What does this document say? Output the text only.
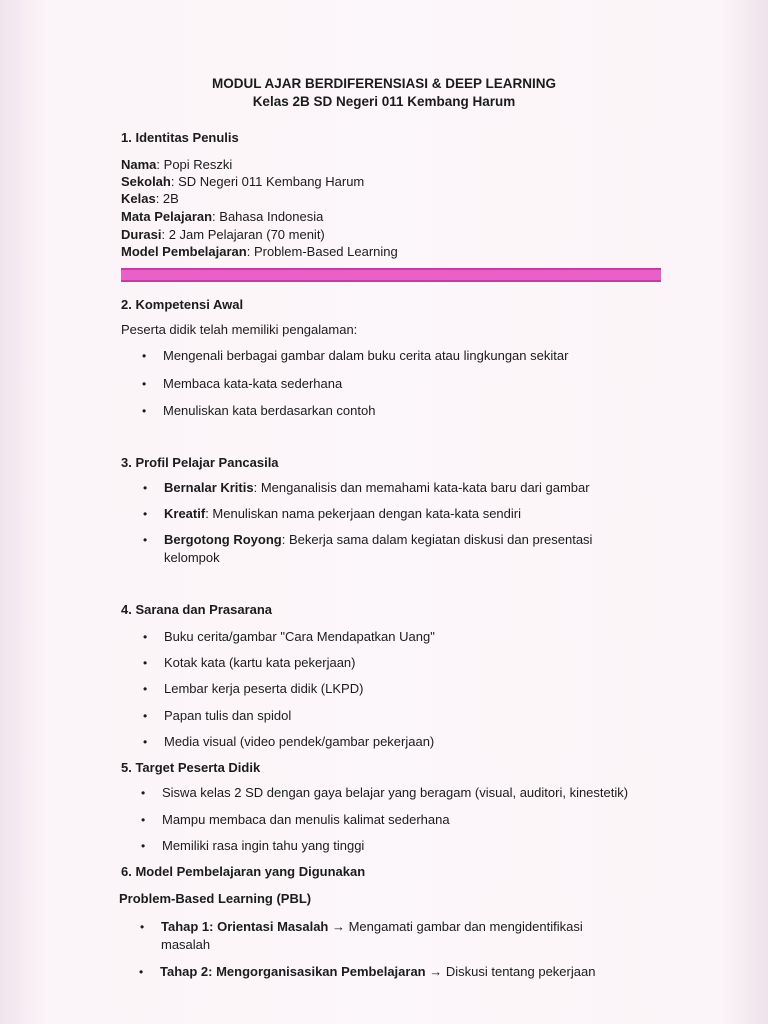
MODUL AJAR BERDIFERENSIASI & DEEP LEARNING
Kelas 2B SD Negeri 011 Kembang Harum
1. Identitas Penulis
Nama: Popi Reszki
Sekolah: SD Negeri 011 Kembang Harum
Kelas: 2B
Mata Pelajaran: Bahasa Indonesia
Durasi: 2 Jam Pelajaran (70 menit)
Model Pembelajaran: Problem-Based Learning
2. Kompetensi Awal
Peserta didik telah memiliki pengalaman:
• Mengenali berbagai gambar dalam buku cerita atau lingkungan sekitar
• Membaca kata-kata sederhana
• Menuliskan kata berdasarkan contoh
3. Profil Pelajar Pancasila
• Bernalar Kritis: Menganalisis dan memahami kata-kata baru dari gambar
• Kreatif: Menuliskan nama pekerjaan dengan kata-kata sendiri
• Bergotong Royong: Bekerja sama dalam kegiatan diskusi dan presentasi
kelompok
4. Sarana dan Prasarana
• Buku cerita/gambar "Cara Mendapatkan Uang"
• Kotak kata (kartu kata pekerjaan)
• Lembar kerja peserta didik (LKPD)
• Papan tulis dan spidol
• Media visual (video pendek/gambar pekerjaan)
5. Target Peserta Didik
• Siswa kelas 2 SD dengan gaya belajar yang beragam (visual, auditori, kinestetik)
• Mampu membaca dan menulis kalimat sederhana
• Memiliki rasa ingin tahu yang tinggi
6. Model Pembelajaran yang Digunakan
Problem-Based Learning (PBL)
• Tahap 1: Orientasi Masalah → Mengamati gambar dan mengidentifikasi
masalah
• Tahap 2: Mengorganisasikan Pembelajaran → Diskusi tentang pekerjaan
